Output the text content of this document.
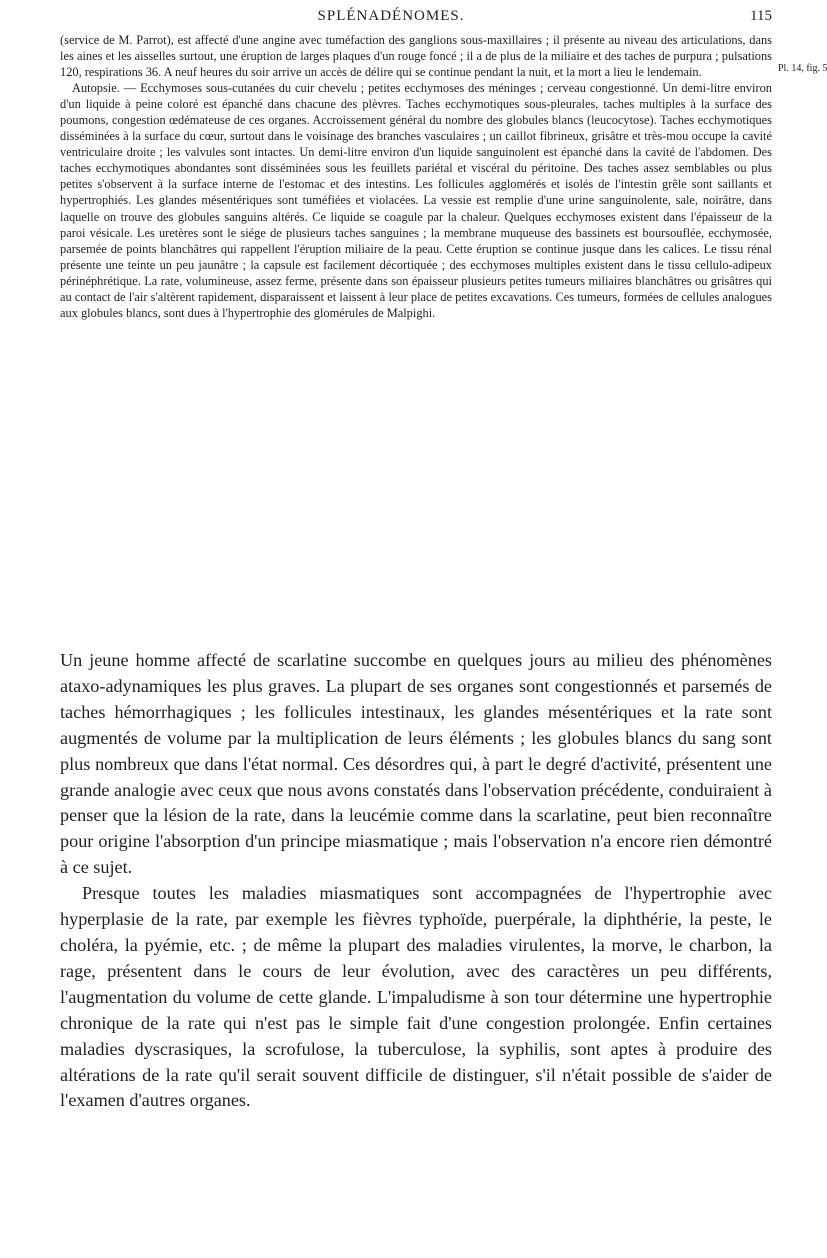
SPLÉNADÉNOMES.	115
Pl. 14, fig. 5

(service de M. Parrot), est affecté d'une angine avec tuméfaction des ganglions sous-maxillaires ; il présente au niveau des articulations, dans les aines et les aisselles surtout, une éruption de larges plaques d'un rouge foncé ; il a de plus de la miliaire et des taches de purpura ; pulsations 120, respirations 36. A neuf heures du soir arrive un accès de délire qui se continue pendant la nuit, et la mort a lieu le lendemain.

Autopsie. — Ecchymoses sous-cutanées du cuir chevelu ; petites ecchymoses des méninges ; cerveau congestionné. Un demi-litre environ d'un liquide à peine coloré est épanché dans chacune des plèvres. Taches ecchymotiques sous-pleurales, taches multiples à la surface des poumons, congestion œdémateuse de ces organes. Accroissement général du nombre des globules blancs (leucocytose). Taches ecchymotiques disséminées à la surface du cœur, surtout dans le voisinage des branches vasculaires ; un caillot fibrineux, grisâtre et très-mou occupe la cavité ventriculaire droite ; les valvules sont intactes. Un demi-litre environ d'un liquide sanguinolent est épanché dans la cavité de l'abdomen. Des taches ecchymotiques abondantes sont disséminées sous les feuillets pariétal et viscéral du péritoine. Des taches assez semblables ou plus petites s'observent à la surface interne de l'estomac et des intestins. Les follicules agglomérés et isolés de l'intestin grêle sont saillants et hypertrophiés. Les glandes mésentériques sont tuméfiées et violacées. La vessie est remplie d'une urine sanguinolente, sale, noirâtre, dans laquelle on trouve des globules sanguins altérés. Ce liquide se coagule par la chaleur. Quelques ecchymoses existent dans l'épaisseur de la paroi vésicale. Les uretères sont le siége de plusieurs taches sanguines ; la membrane muqueuse des bassinets est boursouflée, ecchymosée, parsemée de points blanchâtres qui rappellent l'éruption miliaire de la peau. Cette éruption se continue jusque dans les calices. Le tissu rénal présente une teinte un peu jaunâtre ; la capsule est facilement décortiquée ; des ecchymoses multiples existent dans le tissu cellulo-adipeux périnéphrétique. La rate, volumineuse, assez ferme, présente dans son épaisseur plusieurs petites tumeurs miliaires blanchâtres ou grisâtres qui au contact de l'air s'altèrent rapidement, disparaissent et laissent à leur place de petites excavations. Ces tumeurs, formées de cellules analogues aux globules blancs, sont dues à l'hypertrophie des glomérules de Malpighi.

Un jeune homme affecté de scarlatine succombe en quelques jours au milieu des phénomènes ataxo-adynamiques les plus graves. La plupart de ses organes sont congestionnés et parsemés de taches hémorrhagiques ; les follicules intestinaux, les glandes mésentériques et la rate sont augmentés de volume par la multiplication de leurs éléments ; les globules blancs du sang sont plus nombreux que dans l'état normal. Ces désordres qui, à part le degré d'activité, présentent une grande analogie avec ceux que nous avons constatés dans l'observation précédente, conduiraient à penser que la lésion de la rate, dans la leucémie comme dans la scarlatine, peut bien reconnaître pour origine l'absorption d'un principe miasmatique ; mais l'observation n'a encore rien démontré à ce sujet.

Presque toutes les maladies miasmatiques sont accompagnées de l'hypertrophie avec hyperplasie de la rate, par exemple les fièvres typhoïde, puerpérale, la diphthérie, la peste, le choléra, la pyémie, etc. ; de même la plupart des maladies virulentes, la morve, le charbon, la rage, présentent dans le cours de leur évolution, avec des caractères un peu différents, l'augmentation du volume de cette glande. L'impaludisme à son tour détermine une hypertrophie chronique de la rate qui n'est pas le simple fait d'une congestion prolongée. Enfin certaines maladies dyscrasiques, la scrofulose, la tuberculose, la syphilis, sont aptes à produire des altérations de la rate qu'il serait souvent difficile de distinguer, s'il n'était possible de s'aider de l'examen d'autres organes.
